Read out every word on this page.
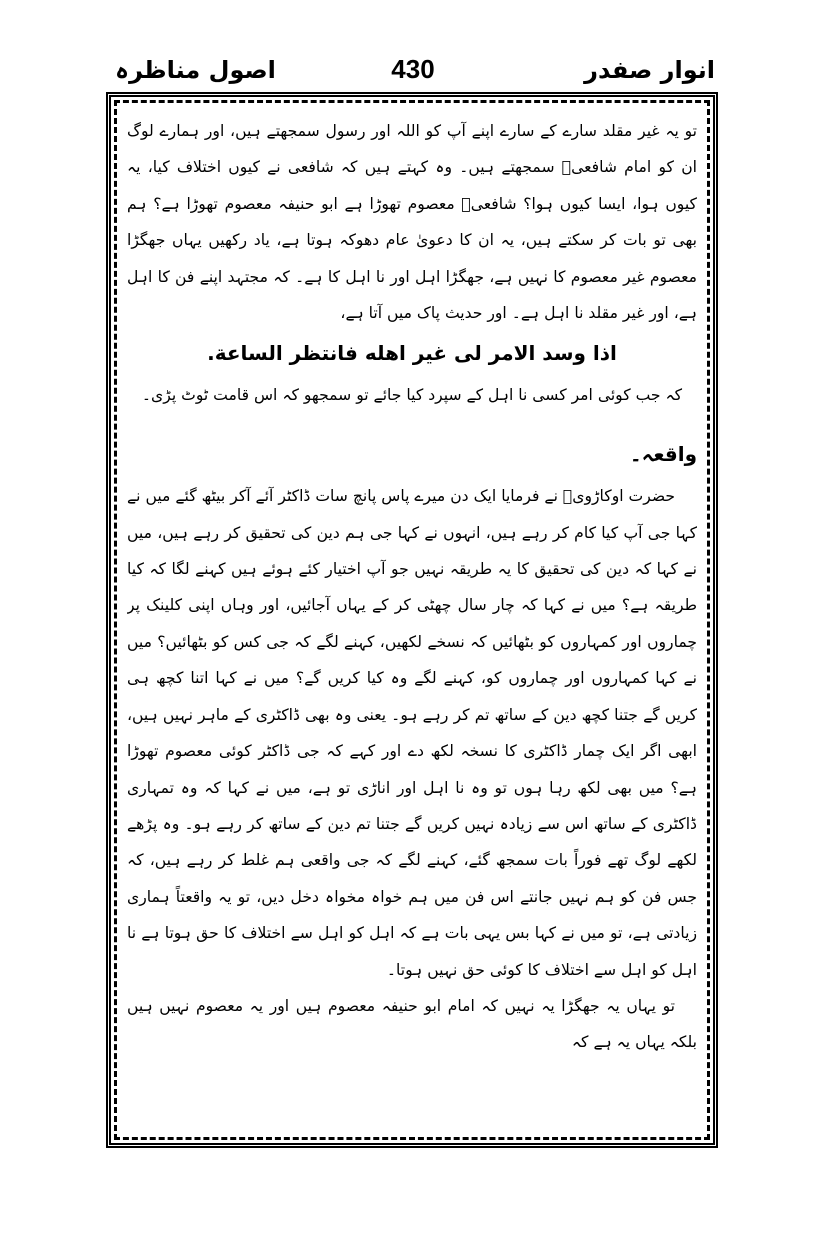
اصول مناظرہ	430	انوار صفدر

تو یہ غیر مقلد سارے کے سارے اپنے آپ کو اللہ اور رسول سمجھتے ہیں، اور ہمارے لوگ ان کو امام شافعیؒ سمجھتے ہیں۔ وہ کہتے ہیں کہ شافعی نے کیوں اختلاف کیا، یہ کیوں ہوا، ایسا کیوں ہوا؟ شافعیؒ معصوم تھوڑا ہے ابو حنیفہ معصوم تھوڑا ہے؟ ہم بھی تو بات کر سکتے ہیں، یہ ان کا دعویٰ عام دھوکہ ہوتا ہے، یاد رکھیں یہاں جھگڑا معصوم غیر معصوم کا نہیں ہے، جھگڑا اہل اور نا اہل کا ہے۔ کہ مجتہد اپنے فن کا اہل ہے، اور غیر مقلد نا اہل ہے۔ اور حدیث پاک میں آتا ہے،

اذا وسد الامر لی غیر اهله فانتظر الساعة.

کہ جب کوئی امر کسی نا اہل کے سپرد کیا جائے تو سمجھو کہ اس قامت ٹوٹ پڑی۔

واقعہ۔

حضرت اوکاڑویؒ نے فرمایا ایک دن میرے پاس پانچ سات ڈاکٹر آئے آکر بیٹھ گئے میں نے کہا جی آپ کیا کام کر رہے ہیں، انہوں نے کہا جی ہم دین کی تحقیق کر رہے ہیں، میں نے کہا کہ دین کی تحقیق کا یہ طریقہ نہیں جو آپ اختیار کئے ہوئے ہیں کہنے لگا کہ کیا طریقہ ہے؟ میں نے کہا کہ چار سال چھٹی کر کے یہاں آجائیں، اور وہاں اپنی کلینک پر چماروں اور کمہاروں کو بٹھائیں کہ نسخے لکھیں، کہنے لگے کہ جی کس کو بٹھائیں؟ میں نے کہا کمہاروں اور چماروں کو، کہنے لگے وہ کیا کریں گے؟ میں نے کہا اتنا کچھ ہی کریں گے جتنا کچھ دین کے ساتھ تم کر رہے ہو۔ یعنی وہ بھی ڈاکٹری کے ماہر نہیں ہیں، ابھی اگر ایک چمار ڈاکٹری کا نسخہ لکھ دے اور کہے کہ جی ڈاکٹر کوئی معصوم تھوڑا ہے؟ میں بھی لکھ رہا ہوں تو وہ نا اہل اور اناڑی تو ہے، میں نے کہا کہ وہ تمہاری ڈاکٹری کے ساتھ اس سے زیادہ نہیں کریں گے جتنا تم دین کے ساتھ کر رہے ہو۔ وہ پڑھے لکھے لوگ تھے فوراً بات سمجھ گئے، کہنے لگے کہ جی واقعی ہم غلط کر رہے ہیں، کہ جس فن کو ہم نہیں جانتے اس فن میں ہم خواہ مخواہ دخل دیں، تو یہ واقعتاً ہماری زیادتی ہے، تو میں نے کہا بس یہی بات ہے کہ اہل کو اہل سے اختلاف کا حق ہوتا ہے نا اہل کو اہل سے اختلاف کا کوئی حق نہیں ہوتا۔

تو یہاں یہ جھگڑا یہ نہیں کہ امام ابو حنیفہ معصوم ہیں اور یہ معصوم نہیں ہیں بلکہ یہاں یہ ہے کہ
